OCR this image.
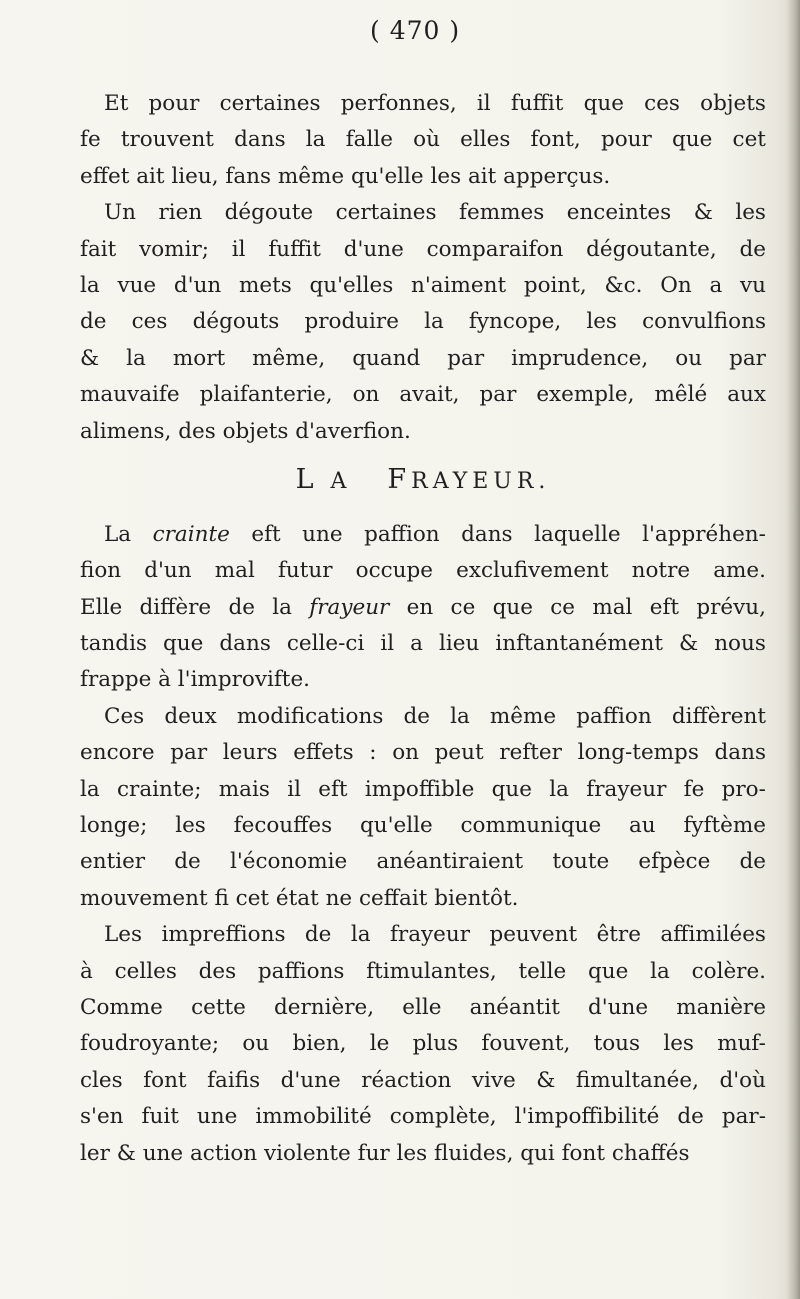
( 470 )
Et pour certaines perfonnes, il fuffit que ces objets
fe trouvent dans la falle où elles font, pour que cet
effet ait lieu, fans même qu'elle les ait apperçus.
Un rien dégoute certaines femmes enceintes & les
fait vomir; il fuffit d'une comparaifon dégoutante, de
la vue d'un mets qu'elles n'aiment point, &c. On a vu
de ces dégouts produire la fyncope, les convulfions
& la mort même, quand par imprudence, ou par
mauvaife plaifanterie, on avait, par exemple, mêlé aux
alimens, des objets d'averfion.
L A FRAYEUR.
La crainte eft une paffion dans laquelle l'appréhen-
fion d'un mal futur occupe exclufivement notre ame.
Elle diffère de la frayeur en ce que ce mal eft prévu,
tandis que dans celle-ci il a lieu inftantanément & nous
frappe à l'improvifte.
Ces deux modifications de la même paffion diffèrent
encore par leurs effets : on peut refter long-temps dans
la crainte; mais il eft impoffible que la frayeur fe pro-
longe; les fecouffes qu'elle communique au fyftème
entier de l'économie anéantiraient toute efpèce de
mouvement fi cet état ne ceffait bientôt.
Les impreffions de la frayeur peuvent être affimilées
à celles des paffions ftimulantes, telle que la colère.
Comme cette dernière, elle anéantit d'une manière
foudroyante; ou bien, le plus fouvent, tous les muf-
cles font faifis d'une réaction vive & fimultanée, d'où
s'en fuit une immobilité complète, l'impoffibilité de par-
ler & une action violente fur les fluides, qui font chaffés
